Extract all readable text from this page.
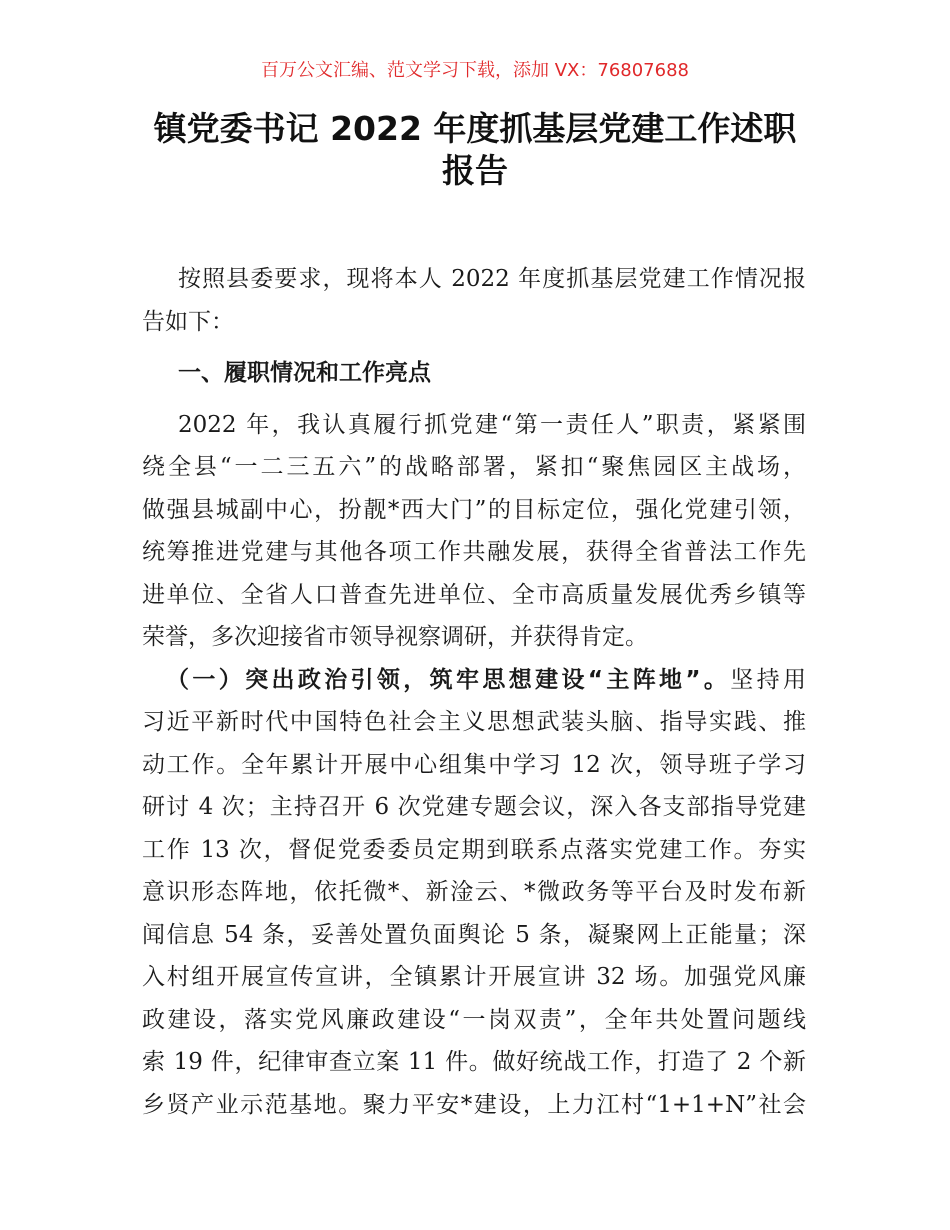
百万公文汇编、范文学习下载，添加 VX：76807688
镇党委书记 2022 年度抓基层党建工作述职
报告
按照县委要求，现将本人 2022 年度抓基层党建工作情况报
告如下：
一、履职情况和工作亮点
2022 年，我认真履行抓党建“第一责任人”职责，紧紧围
绕全县“一二三五六”的战略部署，紧扣“聚焦园区主战场，
做强县城副中心，扮靓*西大门”的目标定位，强化党建引领，
统筹推进党建与其他各项工作共融发展，获得全省普法工作先
进单位、全省人口普查先进单位、全市高质量发展优秀乡镇等
荣誉，多次迎接省市领导视察调研，并获得肯定。
（一）突出政治引领，筑牢思想建设“主阵地”。坚持用
习近平新时代中国特色社会主义思想武装头脑、指导实践、推
动工作。全年累计开展中心组集中学习 12 次，领导班子学习
研讨 4 次；主持召开 6 次党建专题会议，深入各支部指导党建
工作 13 次，督促党委委员定期到联系点落实党建工作。夯实
意识形态阵地，依托微*、新淦云、*微政务等平台及时发布新
闻信息 54 条，妥善处置负面舆论 5 条，凝聚网上正能量；深
入村组开展宣传宣讲，全镇累计开展宣讲 32 场。加强党风廉
政建设，落实党风廉政建设“一岗双责”，全年共处置问题线
索 19 件，纪律审查立案 11 件。做好统战工作，打造了 2 个新
乡贤产业示范基地。聚力平安*建设，上力江村“1+1+N”社会
